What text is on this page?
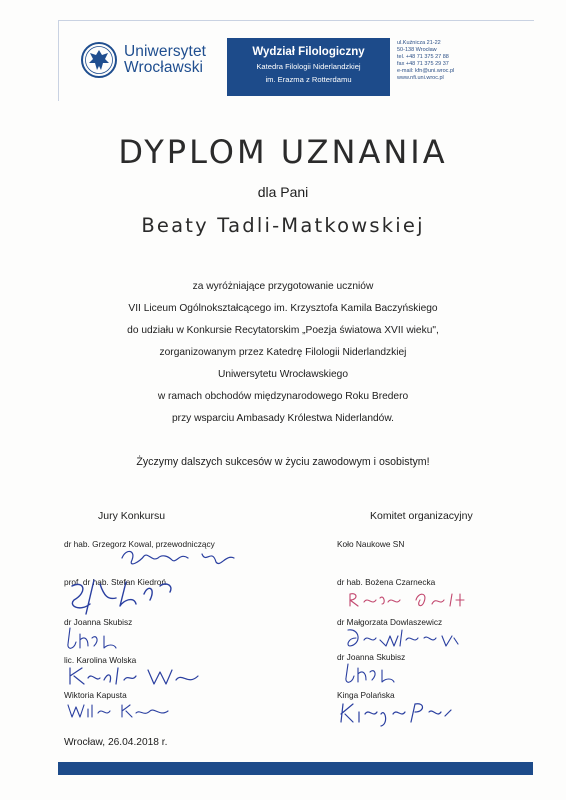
Uniwersytet
Wrocławski
Wydział Filologiczny
Katedra Filologii Niderlandzkiej
im. Erazma z Rotterdamu
ul.Kuźnicza 21-22
50-138 Wrocław
tel. +48 71 375 27 88
fax +48 71 375 29 37
e-mail: kfn@uni.wroc.pl
www.nfi.uni.wroc.pl
DYPLOM UZNANIA
dla Pani
Beaty Tadli-Matkowskiej
za wyróżniające przygotowanie uczniów
VII Liceum Ogólnokształcącego im. Krzysztofa Kamila Baczyńskiego
do udziału w Konkursie Recytatorskim „Poezja światowa XVII wieku",
zorganizowanym przez Katedrę Filologii Niderlandzkiej
Uniwersytetu Wrocławskiego
w ramach obchodów międzynarodowego Roku Bredero
przy wsparciu Ambasady Królestwa Niderlandów.
Życzymy dalszych sukcesów w życiu zawodowym i osobistym!
Jury Konkursu
dr hab. Grzegorz Kowal, przewodniczący
prof. dr hab. Stefan Kiedroń
dr Joanna Skubisz
lic. Karolina Wolska
Wiktoria Kapusta
Komitet organizacyjny
Koło Naukowe SN
dr hab. Bożena Czarnecka
dr Małgorzata Dowlaszewicz
dr Joanna Skubisz
Kinga Polańska
Wrocław, 26.04.2018 r.
